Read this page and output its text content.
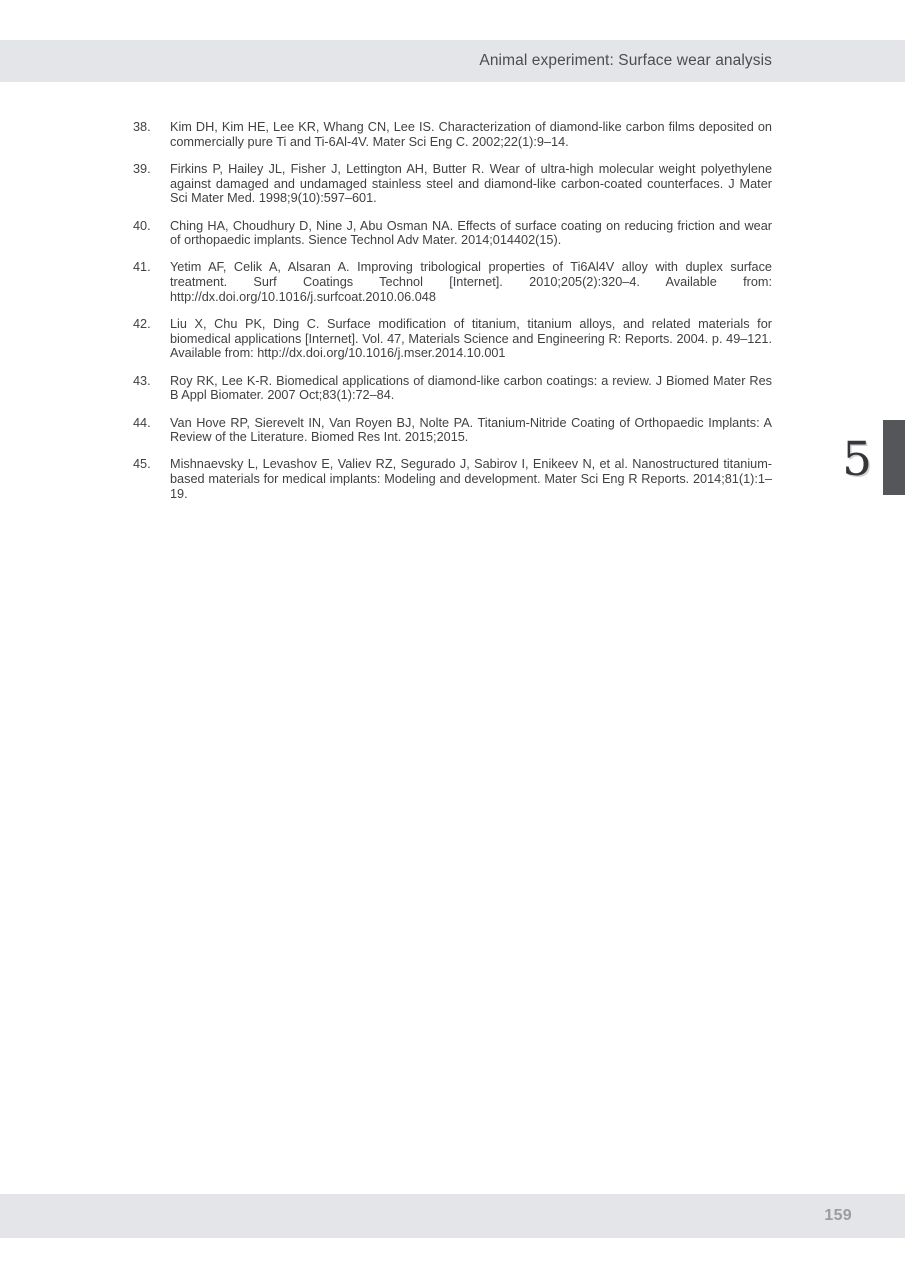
Animal experiment: Surface wear analysis
38. Kim DH, Kim HE, Lee KR, Whang CN, Lee IS. Characterization of diamond-like carbon films deposited on commercially pure Ti and Ti-6Al-4V. Mater Sci Eng C. 2002;22(1):9–14.
39. Firkins P, Hailey JL, Fisher J, Lettington AH, Butter R. Wear of ultra-high molecular weight polyethylene against damaged and undamaged stainless steel and diamond-like carbon-coated counterfaces. J Mater Sci Mater Med. 1998;9(10):597–601.
40. Ching HA, Choudhury D, Nine J, Abu Osman NA. Effects of surface coating on reducing friction and wear of orthopaedic implants. Sience Technol Adv Mater. 2014;014402(15).
41. Yetim AF, Celik A, Alsaran A. Improving tribological properties of Ti6Al4V alloy with duplex surface treatment. Surf Coatings Technol [Internet]. 2010;205(2):320–4. Available from: http://dx.doi.org/10.1016/j.surfcoat.2010.06.048
42. Liu X, Chu PK, Ding C. Surface modification of titanium, titanium alloys, and related materials for biomedical applications [Internet]. Vol. 47, Materials Science and Engineering R: Reports. 2004. p. 49–121. Available from: http://dx.doi.org/10.1016/j.mser.2014.10.001
43. Roy RK, Lee K-R. Biomedical applications of diamond-like carbon coatings: a review. J Biomed Mater Res B Appl Biomater. 2007 Oct;83(1):72–84.
44. Van Hove RP, Sierevelt IN, Van Royen BJ, Nolte PA. Titanium-Nitride Coating of Orthopaedic Implants: A Review of the Literature. Biomed Res Int. 2015;2015.
45. Mishnaevsky L, Levashov E, Valiev RZ, Segurado J, Sabirov I, Enikeev N, et al. Nanostructured titanium-based materials for medical implants: Modeling and development. Mater Sci Eng R Reports. 2014;81(1):1–19.
5
159
